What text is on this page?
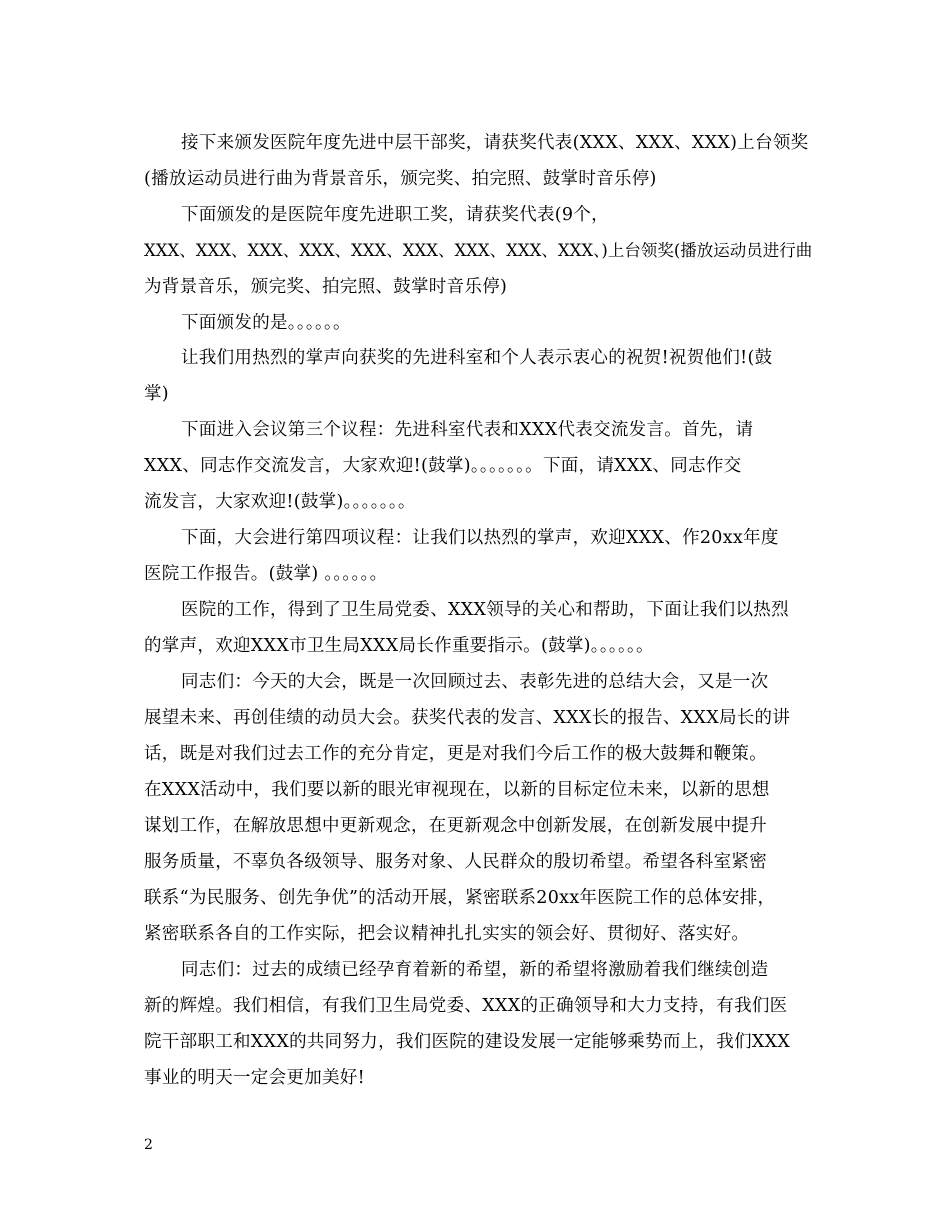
接下来颁发医院年度先进中层干部奖，请获奖代表(XXX、XXX、XXX)上台领奖
(播放运动员进行曲为背景音乐，颁完奖、拍完照、鼓掌时音乐停)
下面颁发的是医院年度先进职工奖，请获奖代表(9个，
XXX、XXX、XXX、XXX、XXX、XXX、XXX、XXX、XXX、)上台领奖(播放运动员进行曲
为背景音乐，颁完奖、拍完照、鼓掌时音乐停)
下面颁发的是。。。。。。
让我们用热烈的掌声向获奖的先进科室和个人表示衷心的祝贺!祝贺他们!(鼓
掌)
下面进入会议第三个议程：先进科室代表和XXX代表交流发言。首先，请
XXX、同志作交流发言，大家欢迎!(鼓掌)。。。。。。。下面，请XXX、同志作交
流发言，大家欢迎!(鼓掌)。。。。。。。
下面，大会进行第四项议程：让我们以热烈的掌声，欢迎XXX、作20xx年度
医院工作报告。(鼓掌) 。。。。。。
医院的工作，得到了卫生局党委、XXX领导的关心和帮助，下面让我们以热烈
的掌声，欢迎XXX市卫生局XXX局长作重要指示。(鼓掌)。。。。。。
同志们：今天的大会，既是一次回顾过去、表彰先进的总结大会，又是一次
展望未来、再创佳绩的动员大会。获奖代表的发言、XXX长的报告、XXX局长的讲
话，既是对我们过去工作的充分肯定，更是对我们今后工作的极大鼓舞和鞭策。
在XXX活动中，我们要以新的眼光审视现在，以新的目标定位未来，以新的思想
谋划工作，在解放思想中更新观念，在更新观念中创新发展，在创新发展中提升
服务质量，不辜负各级领导、服务对象、人民群众的殷切希望。希望各科室紧密
联系“为民服务、创先争优”的活动开展，紧密联系20xx年医院工作的总体安排，
紧密联系各自的工作实际，把会议精神扎扎实实的领会好、贯彻好、落实好。
同志们：过去的成绩已经孕育着新的希望，新的希望将激励着我们继续创造
新的辉煌。我们相信，有我们卫生局党委、XXX的正确领导和大力支持，有我们医
院干部职工和XXX的共同努力，我们医院的建设发展一定能够乘势而上，我们XXX
事业的明天一定会更加美好!
2
